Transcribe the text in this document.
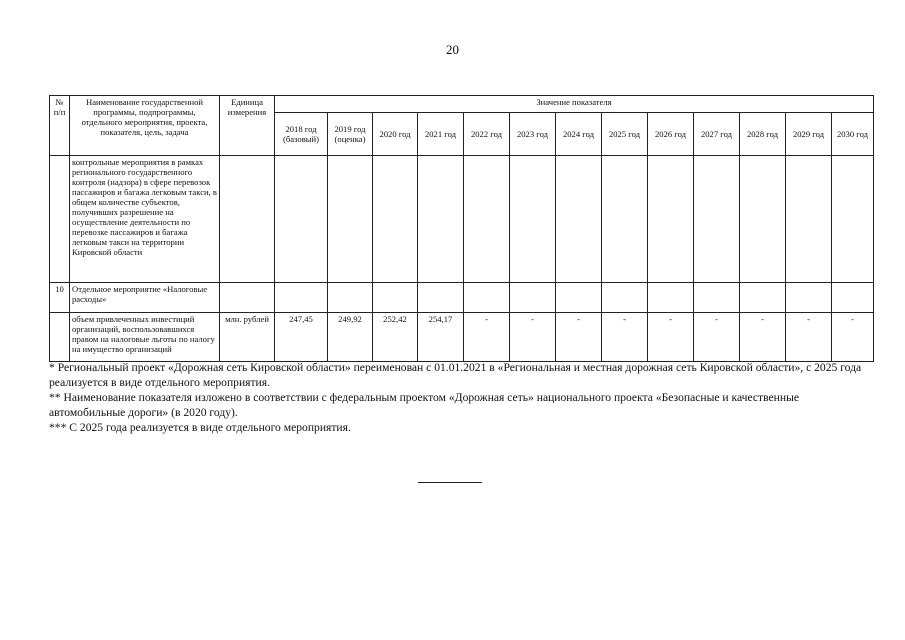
20
№ п/п	Наименование государственной программы, подпрограммы, отдельного мероприятия, проекта, показателя, цель, задача	Единица измерения	Значение показателя												
			2018 год (базовый)	2019 год (оценка)	2020 год	2021 год	2022 год	2023 год	2024 год	2025 год	2026 год	2027 год	2028 год	2029 год	2030 год
	контрольные мероприятия в рамках регионального государственного контроля (надзора) в сфере перевозок пассажиров и багажа легковым такси, в общем количестве субъектов, получивших разрешение на осуществление деятельности по перевозке пассажиров и багажа легковым такси на территории Кировской области														
10	Отдельное мероприятие «Налоговые расходы»														
	объем привлеченных инвестиций организаций, воспользовавшихся правом на налоговые льготы по налогу на имущество организаций	млн. рублей	247,45	249,92	252,42	254,17	-	-	-	-	-	-	-	-	-

* Региональный проект «Дорожная сеть Кировской области» переименован с 01.01.2021 в «Региональная и местная дорожная сеть Кировской области», с 2025 года реализуется в виде отдельного мероприятия.

** Наименование показателя изложено в соответствии с федеральным проектом «Дорожная сеть» национального проекта «Безопасные и качественные автомобильные дороги» (в 2020 году).

*** С 2025 года реализуется в виде отдельного мероприятия.
